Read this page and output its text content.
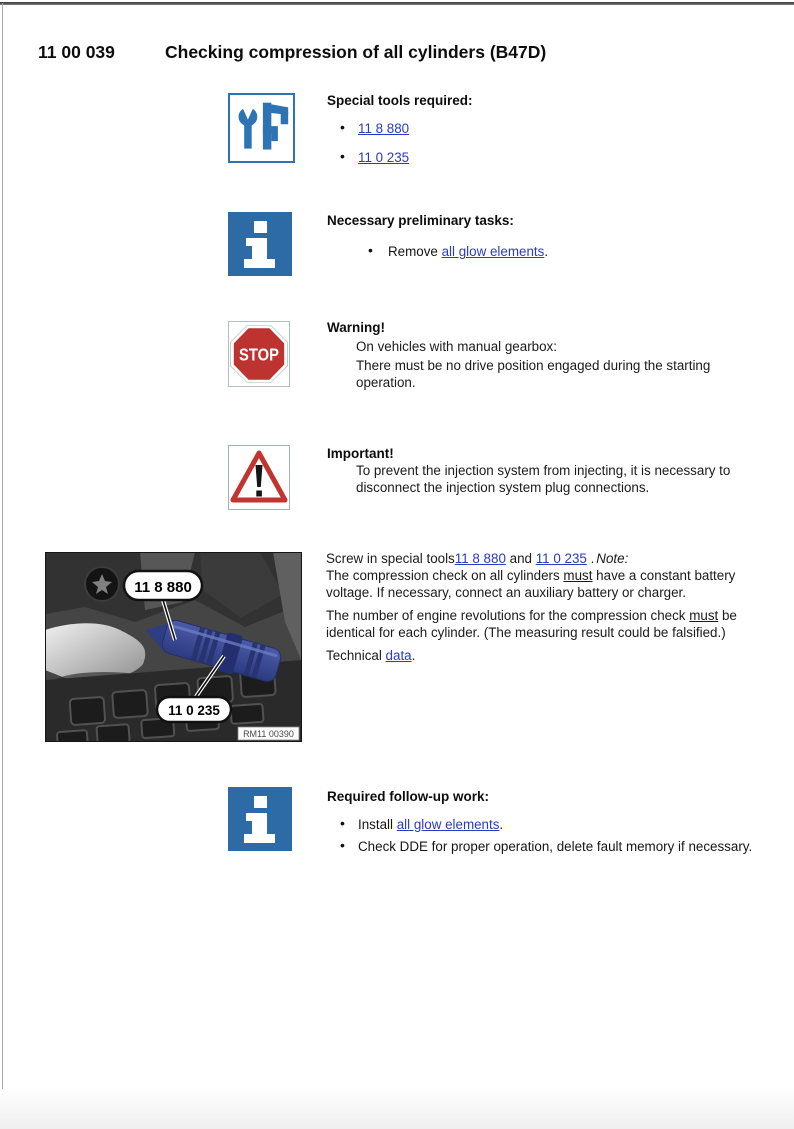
11 00 039	Checking compression of all cylinders (B47D)
Special tools required:
• 11 8 880
• 11 0 235
Necessary preliminary tasks:
• Remove all glow elements.
STOP
Warning!
On vehicles with manual gearbox:
There must be no drive position engaged during the starting operation.
Important!
To prevent the injection system from injecting, it is necessary to disconnect the injection system plug connections.
11 8 880
11 0 235
RM11 00390

Screw in special tools11 8 880 and 11 0 235 . Note:

The compression check on all cylinders must have a constant battery voltage. If necessary, connect an auxiliary battery or charger.

The number of engine revolutions for the compression check must be identical for each cylinder. (The measuring result could be falsified.)

Technical data.

Required follow-up work:
• Install all glow elements.
• Check DDE for proper operation, delete fault memory if necessary.
